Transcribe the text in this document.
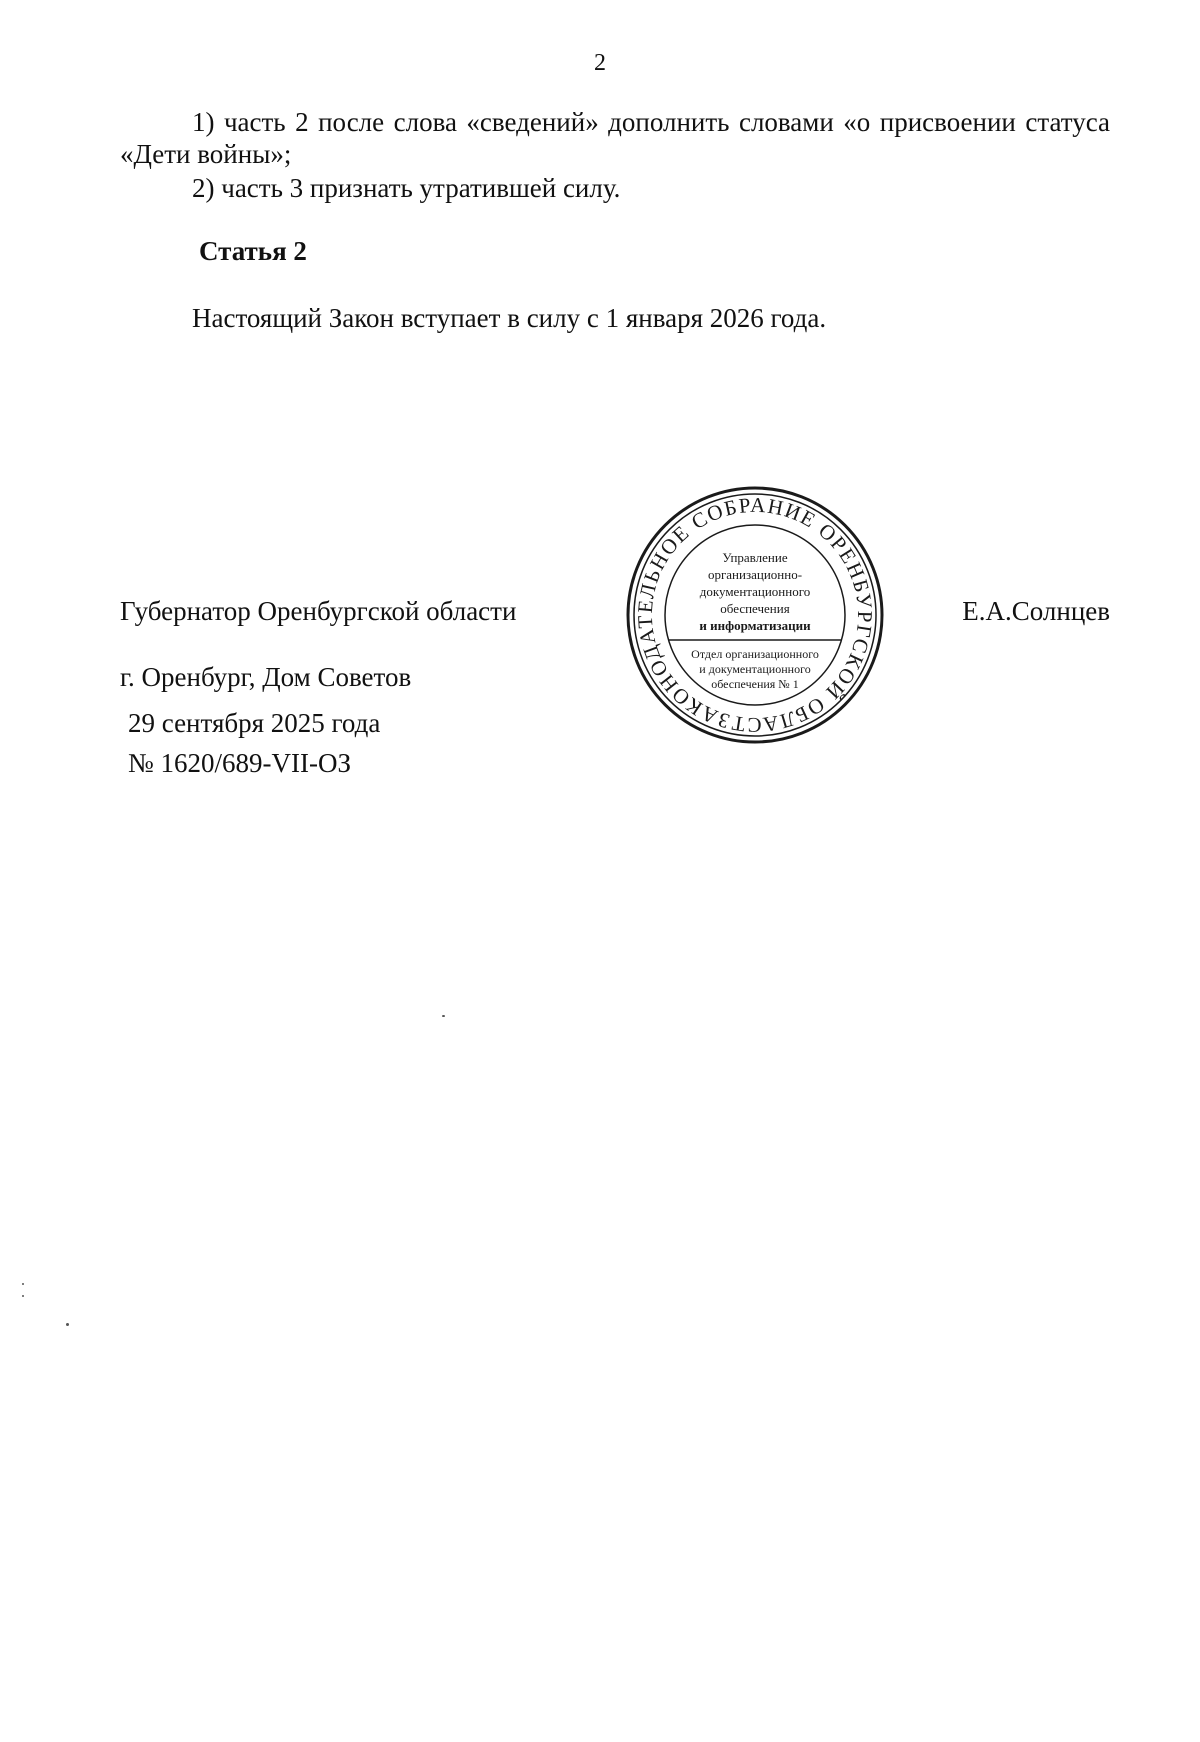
2

1) часть 2 после слова «сведений» дополнить словами «о присвоении статуса «Дети войны»;

2) часть 3 признать утратившей силу.

Статья 2

Настоящий Закон вступает в силу с 1 января 2026 года.

Губернатор Оренбургской области	Е.А.Солнцев

г. Оренбург, Дом Советов

29 сентября 2025 года

№ 1620/689-VII-ОЗ

ЗАКОНОДАТЕЛЬНОЕ СОБРАНИЕ ОРЕНБУРГСКОЙ ОБЛАСТИ
Управление
организационно-
документационного
обеспечения
и информатизации
Отдел организационного
и документационного
обеспечения № 1
